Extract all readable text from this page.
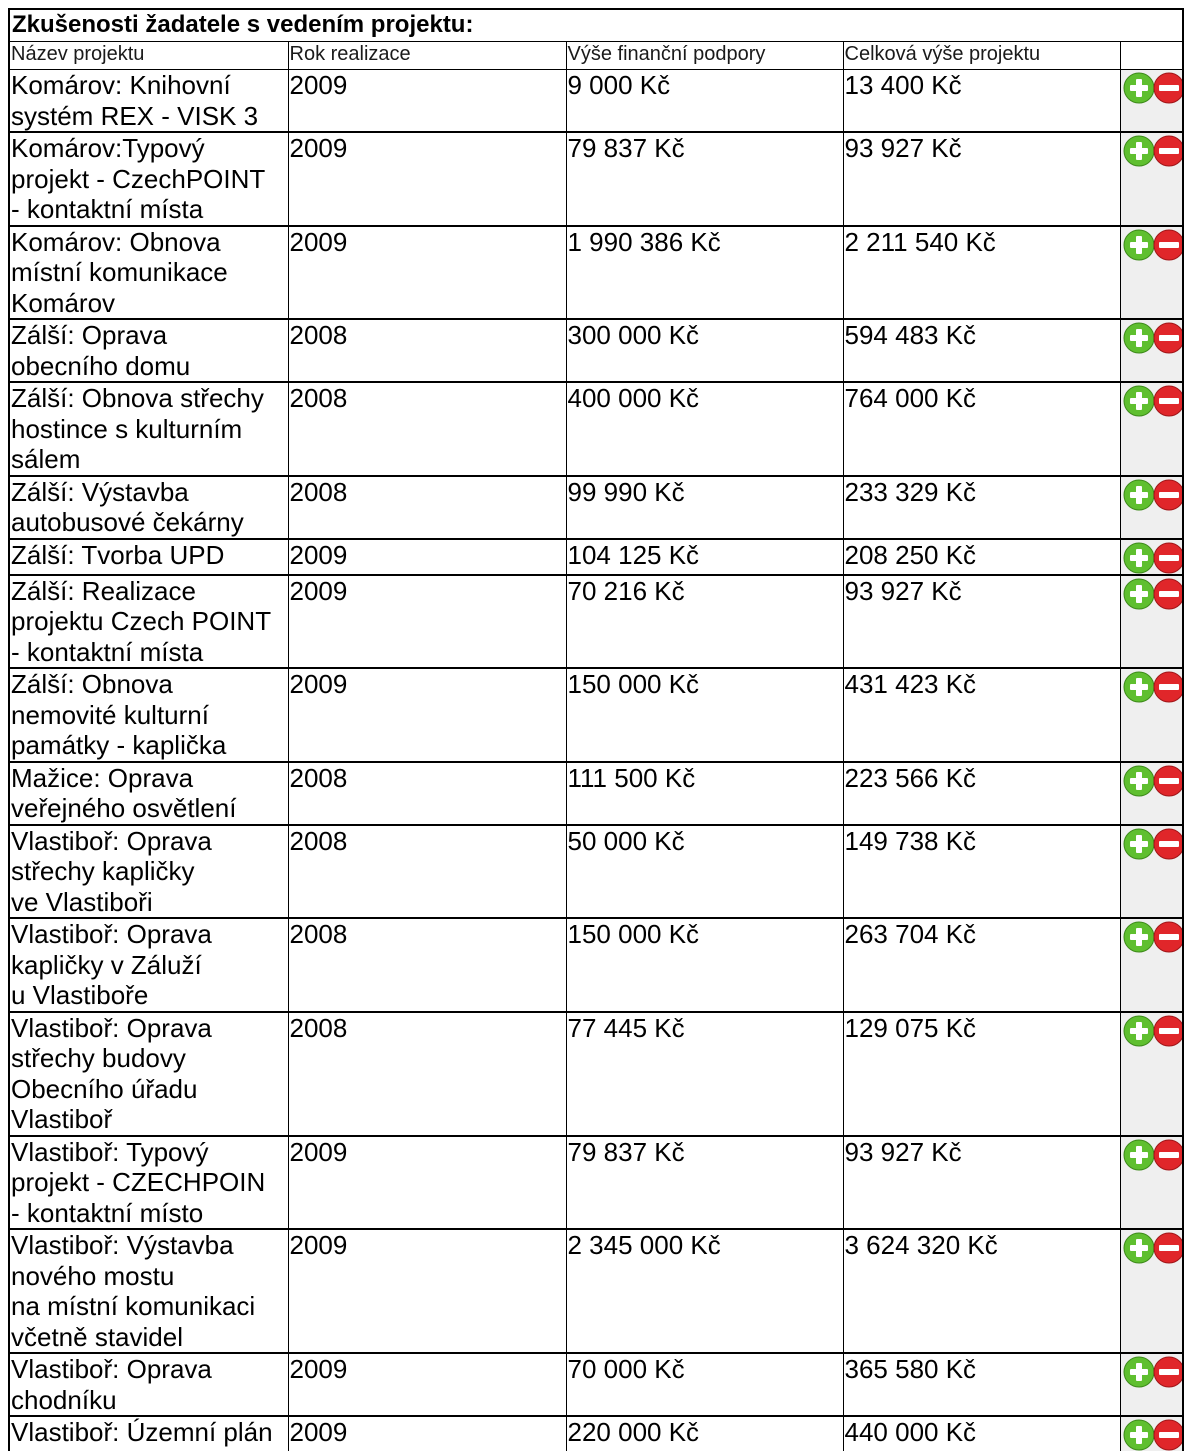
Zkušenosti žadatele s vedením projektu:
Název projektu	Rok realizace	Výše finanční podpory	Celková výše projektu	
Komárov: Knihovní
systém REX - VISK 3	2009	9 000 Kč	13 400 Kč	

Komárov:Typový
projekt - CzechPOINT
- kontaktní místa	2009	79 837 Kč	93 927 Kč	

Komárov: Obnova
místní komunikace
Komárov	2009	1 990 386 Kč	2 211 540 Kč	

Zálší: Oprava
obecního domu	2008	300 000 Kč	594 483 Kč	

Zálší: Obnova střechy
hostince s kulturním
sálem	2008	400 000 Kč	764 000 Kč	

Zálší: Výstavba
autobusové čekárny	2008	99 990 Kč	233 329 Kč	

Zálší: Tvorba UPD	2009	104 125 Kč	208 250 Kč	

Zálší: Realizace
projektu Czech POINT
- kontaktní místa	2009	70 216 Kč	93 927 Kč	

Zálší: Obnova
nemovité kulturní
památky - kaplička	2009	150 000 Kč	431 423 Kč	

Mažice: Oprava
veřejného osvětlení	2008	111 500 Kč	223 566 Kč	

Vlastiboř: Oprava
střechy kapličky
ve Vlastiboři	2008	50 000 Kč	149 738 Kč	

Vlastiboř: Oprava
kapličky v Záluží
u Vlastiboře	2008	150 000 Kč	263 704 Kč	

Vlastiboř: Oprava
střechy budovy
Obecního úřadu
Vlastiboř	2008	77 445 Kč	129 075 Kč	

Vlastiboř: Typový
projekt - CZECHPOIN
- kontaktní místo	2009	79 837 Kč	93 927 Kč	

Vlastiboř: Výstavba
nového mostu
na místní komunikaci
včetně stavidel	2009	2 345 000 Kč	3 624 320 Kč	

Vlastiboř: Oprava
chodníku	2009	70 000 Kč	365 580 Kč	

Vlastiboř: Územní plán	2009	220 000 Kč	440 000 Kč	
